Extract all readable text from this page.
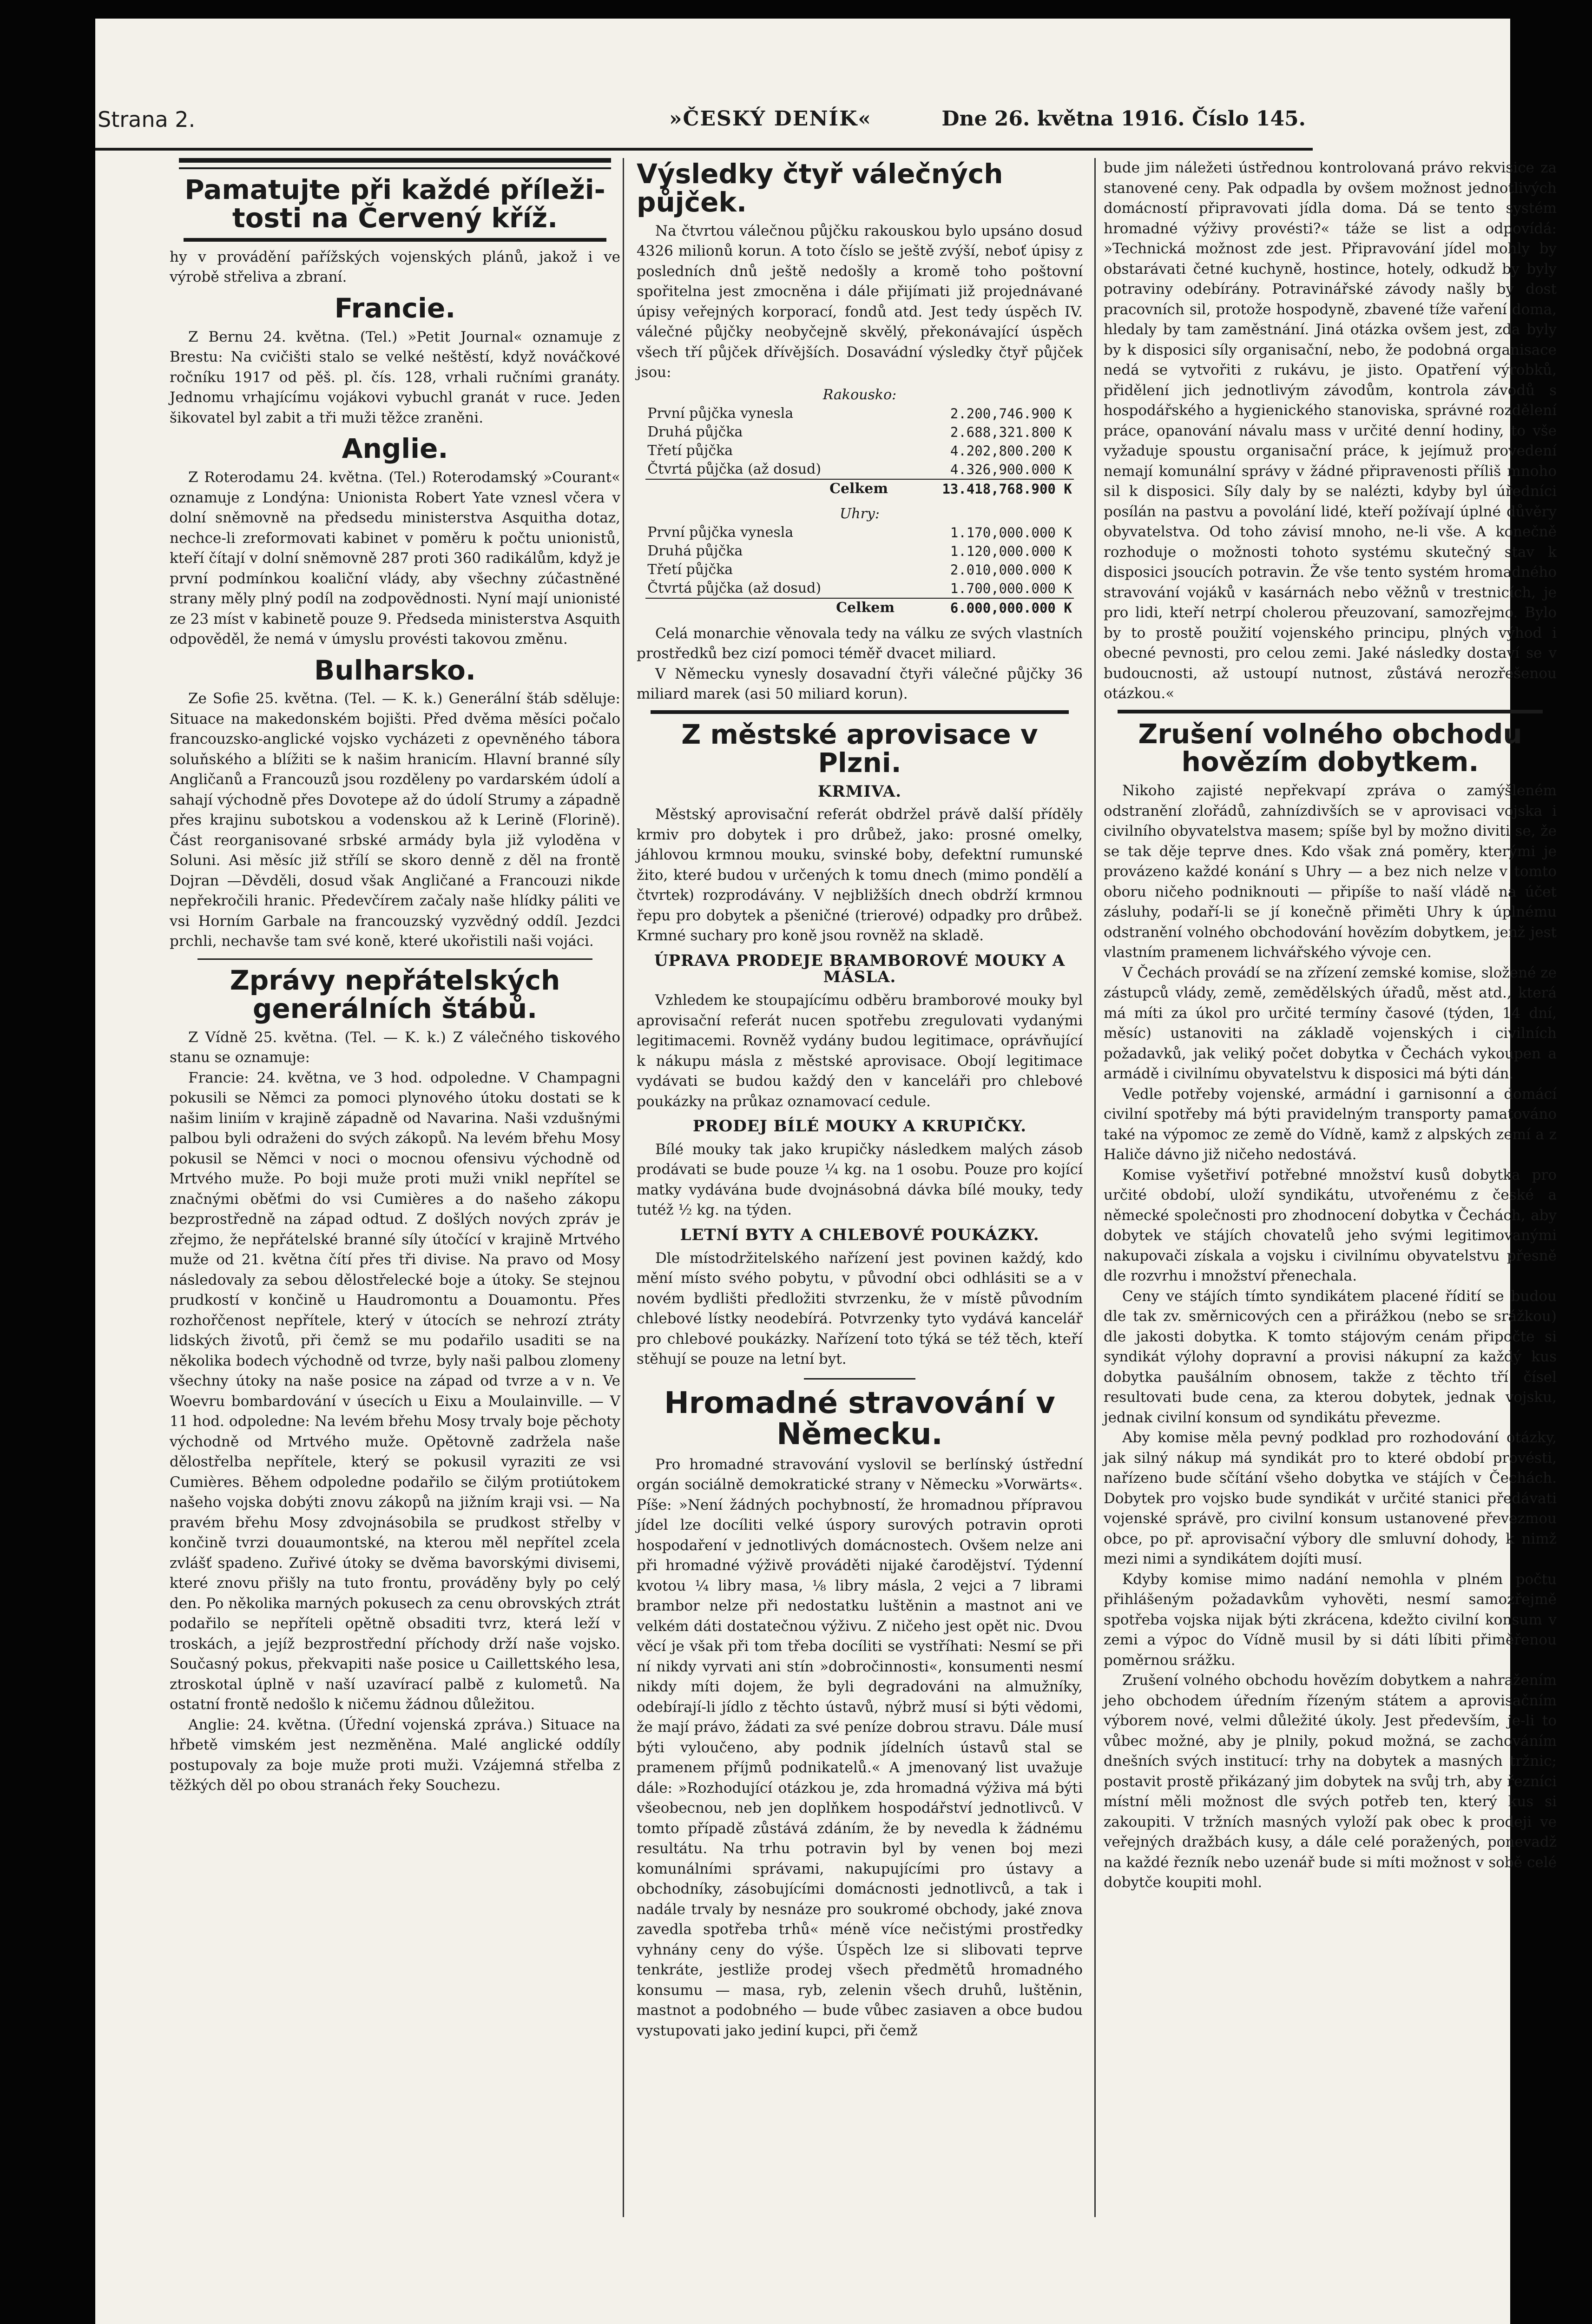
Strana 2.	»ČESKÝ DENÍK«	Dne 26. května 1916. Číslo 145.
Pamatujte při každé příleži-tosti na Červený kříž.

hy v provádění pařížských vojenských plánů, jakož i ve výrobě střeliva a zbraní.

Francie.

Z Bernu 24. května. (Tel.) »Petit Journal« oznamuje z Brestu: Na cvičišti stalo se velké neštěstí, když nováčkové ročníku 1917 od pěš. pl. čís. 128, vrhali ručními granáty. Jednomu vrhajícímu vojákovi vybuchl granát v ruce. Jeden šikovatel byl zabit a tři muži těžce zraněni.

Anglie.

Z Roterodamu 24. května. (Tel.) Roterodamský »Courant« oznamuje z Londýna: Unionista Robert Yate vznesl včera v dolní sněmovně na předsedu ministerstva Asquitha dotaz, nechce-li zreformovati kabinet v poměru k počtu unionistů, kteří čítají v dolní sněmovně 287 proti 360 radikálům, když je první podmínkou koaliční vlády, aby všechny zúčastněné strany měly plný podíl na zodpovědnosti. Nyní mají unionisté ze 23 míst v kabinetě pouze 9. Předseda ministerstva Asquith odpověděl, že nemá v úmyslu provésti takovou změnu.

Bulharsko.

Ze Sofie 25. května. (Tel. — K. k.) Generální štáb sděluje: Situace na makedonském bojišti. Před dvěma měsíci počalo francouzsko-anglické vojsko vycházeti z opevněného tábora soluňského a blížiti se k našim hranicím. Hlavní branné síly Angličanů a Francouzů jsou rozděleny po vardarském údolí a sahají východně přes Dovotepe až do údolí Strumy a západně přes krajinu subotskou a vodenskou až k Lerině (Florině). Část reorganisované srbské armády byla již vyloděna v Soluni. Asi měsíc již střílí se skoro denně z děl na frontě Dojran —Děvděli, dosud však Angličané a Francouzi nikde nepřekročili hranic. Předevčírem začaly naše hlídky páliti ve vsi Horním Garbale na francouzský vyzvědný oddíl. Jezdci prchli, nechavše tam své koně, které ukořistili naši vojáci.

Zprávy nepřátelských generálních štábů.

Z Vídně 25. května. (Tel. — K. k.) Z válečného tiskového stanu se oznamuje:

Francie: 24. května, ve 3 hod. odpoledne. V Champagni pokusili se Němci za pomoci plynového útoku dostati se k našim liniím v krajině západně od Navarina. Naši vzdušnými palbou byli odraženi do svých zákopů. Na levém břehu Mosy pokusil se Němci v noci o mocnou ofensivu východně od Mrtvého muže. Po boji muže proti muži vnikl nepřítel se značnými oběťmi do vsi Cumières a do našeho zákopu bezprostředně na západ odtud. Z došlých nových zpráv je zřejmo, že nepřátelské branné síly útočící v krajině Mrtvého muže od 21. května čítí přes tři divise. Na pravo od Mosy následovaly za sebou dělostřelecké boje a útoky. Se stejnou prudkostí v končině u Haudromontu a Douamontu. Přes rozhořčenost nepřítele, který v útocích se nehrozí ztráty lidských životů, při čemž se mu podařilo usaditi se na několika bodech východně od tvrze, byly naši palbou zlomeny všechny útoky na naše posice na západ od tvrze a v n. Ve Woevru bombardování v úsecích u Eixu a Moulainville. — V 11 hod. odpoledne: Na levém břehu Mosy trvaly boje pěchoty východně od Mrtvého muže. Opětovně zadržela naše dělostřelba nepřítele, který se pokusil vyraziti ze vsi Cumières. Během odpoledne podařilo se čilým protiútokem našeho vojska dobýti znovu zákopů na jižním kraji vsi. — Na pravém břehu Mosy zdvojnásobila se prudkost střelby v končině tvrzi douaumontské, na kterou měl nepřítel zcela zvlášť spadeno. Zuřivé útoky se dvěma bavorskými divisemi, které znovu přišly na tuto frontu, prováděny byly po celý den. Po několika marných pokusech za cenu obrovských ztrát podařilo se nepříteli opětně obsaditi tvrz, která leží v troskách, a jejíž bezprostřední příchody drží naše vojsko. Současný pokus, překvapiti naše posice u Caillettského lesa, ztroskotal úplně v naší uzavírací palbě z kulometů. Na ostatní frontě nedošlo k ničemu žádnou důležitou.

Anglie: 24. května. (Úřední vojenská zpráva.) Situace na hřbetě vimském jest nezměněna. Malé anglické oddíly postupovaly za boje muže proti muži. Vzájemná střelba z těžkých děl po obou stranách řeky Souchezu.

Výsledky čtyř válečných půjček.

Na čtvrtou válečnou půjčku rakouskou bylo upsáno dosud 4326 milionů korun. A toto číslo se ještě zvýší, neboť úpisy z posledních dnů ještě nedošly a kromě toho poštovní spořitelna jest zmocněna i dále přijímati již projednávané úpisy veřejných korporací, fondů atd. Jest tedy úspěch IV. válečné půjčky neobyčejně skvělý, překonávající úspěch všech tří půjček dřívějších. Dosavádní výsledky čtyř půjček jsou:

Rakousko:	
První půjčka vynesla	2.200,746.900 K
Druhá půjčka	2.688,321.800 K
Třetí půjčka	4.202,800.200 K
Čtvrtá půjčka (až dosud)	4.326,900.000 K
Celkem	13.418,768.900 K
Uhry:	
První půjčka vynesla	1.170,000.000 K
Druhá půjčka	1.120,000.000 K
Třetí půjčka	2.010,000.000 K
Čtvrtá půjčka (až dosud)	1.700,000.000 K
Celkem	6.000,000.000 K

Celá monarchie věnovala tedy na válku ze svých vlastních prostředků bez cizí pomoci téměř dvacet miliard.

V Německu vynesly dosavadní čtyři válečné půjčky 36 miliard marek (asi 50 miliard korun).

Z městské aprovisace v Plzni.
KRMIVA.

Městský aprovisační referát obdržel právě další příděly krmiv pro dobytek i pro drůbež, jako: prosné omelky, jáhlovou krmnou mouku, svinské boby, defektní rumunské žito, které budou v určených k tomu dnech (mimo pondělí a čtvrtek) rozprodávány. V nejbližších dnech obdrží krmnou řepu pro dobytek a pšeničné (trierové) odpadky pro drůbež. Krmné suchary pro koně jsou rovněž na skladě.

ÚPRAVA PRODEJE BRAMBOROVÉ MOUKY A MÁSLA.

Vzhledem ke stoupajícímu odběru bramborové mouky byl aprovisační referát nucen spotřebu zregulovati vydanými legitimacemi. Rovněž vydány budou legitimace, oprávňující k nákupu másla z městské aprovisace. Obojí legitimace vydávati se budou každý den v kanceláři pro chlebové poukázky na průkaz oznamovací cedule.

PRODEJ BÍLÉ MOUKY A KRUPIČKY.

Bílé mouky tak jako krupičky následkem malých zásob prodávati se bude pouze ¼ kg. na 1 osobu. Pouze pro kojící matky vydávána bude dvojnásobná dávka bílé mouky, tedy tutéž ½ kg. na týden.

LETNÍ BYTY A CHLEBOVÉ POUKÁZKY.

Dle místodržitelského nařízení jest povinen každý, kdo mění místo svého pobytu, v původní obci odhlásiti se a v novém bydlišti předložiti stvrzenku, že v místě původním chlebové lístky neodebírá. Potvrzenky tyto vydává kancelář pro chlebové poukázky. Nařízení toto týká se též těch, kteří stěhují se pouze na letní byt.

Hromadné stravování v Německu.

Pro hromadné stravování vyslovil se berlínský ústřední orgán sociálně demokratické strany v Německu »Vorwärts«. Píše: »Není žádných pochybností, že hromadnou přípravou jídel lze docíliti velké úspory surových potravin oproti hospodaření v jednotlivých domácnostech. Ovšem nelze ani při hromadné výživě prováděti nijaké čarodějství. Týdenní kvotou ¼ libry masa, ⅛ libry másla, 2 vejci a 7 librami brambor nelze při nedostatku luštěnin a mastnot ani ve velkém dáti dostatečnou výživu. Z ničeho jest opět nic. Dvou věcí je však při tom třeba docíliti se vystříhati: Nesmí se při ní nikdy vyrvati ani stín »dobročinnosti«, konsumenti nesmí nikdy míti dojem, že byli degradováni na almužníky, odebírají-li jídlo z těchto ústavů, nýbrž musí si býti vědomi, že mají právo, žádati za své peníze dobrou stravu. Dále musí býti vyloučeno, aby podnik jídelních ústavů stal se pramenem příjmů podnikatelů.« A jmenovaný list uvažuje dále: »Rozhodující otázkou je, zda hromadná výživa má býti všeobecnou, neb jen doplňkem hospodářství jednotlivců. V tomto případě zůstává zdáním, že by nevedla k žádnému resultátu. Na trhu potravin byl by venen boj mezi komunálními správami, nakupujícími pro ústavy a obchodníky, zásobujícími domácnosti jednotlivců, a tak i nadále trvaly by nesnáze pro soukromé obchody, jaké znova zavedla spotřeba trhů« méně více nečistými prostředky vyhnány ceny do výše. Úspěch lze si slibovati teprve tenkráte, jestliže prodej všech předmětů hromadného konsumu — masa, ryb, zelenin všech druhů, luštěnin, mastnot a podobného — bude vůbec zasiaven a obce budou vystupovati jako jediní kupci, při čemž

bude jim náležeti ústřednou kontrolovaná právo rekvisice za stanovené ceny. Pak odpadla by ovšem možnost jednotlivých domácností připravovati jídla doma. Dá se tento systém hromadné výživy provésti?« táže se list a odpovídá: »Technická možnost zde jest. Připravování jídel mohly by obstarávati četné kuchyně, hostince, hotely, odkudž by byly potraviny odebírány. Potravinářské závody našly by dost pracovních sil, protože hospodyně, zbavené tíže vaření doma, hledaly by tam zaměstnání. Jiná otázka ovšem jest, zda byly by k disposici síly organisační, nebo, že podobná organisace nedá se vytvořiti z rukávu, je jisto. Opatření výrobků, přidělení jich jednotlivým závodům, kontrola závodů s hospodářského a hygienického stanoviska, správné rozdělení práce, opanování návalu mass v určité denní hodiny, to vše vyžaduje spoustu organisační práce, k jejímuž provedení nemají komunální správy v žádné připravenosti příliš mnoho sil k disposici. Síly daly by se nalézti, kdyby byl úředníci posílán na pastvu a povolání lidé, kteří požívají úplné důvěry obyvatelstva. Od toho závisí mnoho, ne-li vše. A konečně rozhoduje o možnosti tohoto systému skutečný stav k disposici jsoucích potravin. Že vše tento systém hromadného stravování vojáků v kasárnách nebo věžnů v trestnicích, je pro lidi, kteří netrpí cholerou přeuzovaní, samozřejmo. Bylo by to prostě použití vojenského principu, plných výhod i obecné pevnosti, pro celou zemi. Jaké následky dostaví se v budoucnosti, až ustoupí nutnost, zůstává nerozřešenou otázkou.«

Zrušení volného obchodu hovězím dobytkem.

Nikoho zajisté nepřekvapí zpráva o zamýšleném odstranění zlořádů, zahnízdivších se v aprovisaci vojska i civilního obyvatelstva masem; spíše byl by možno diviti se, že se tak děje teprve dnes. Kdo však zná poměry, kterými je provázeno každé konání s Uhry — a bez nich nelze v tomto oboru ničeho podniknouti — připíše to naší vládě na účet zásluhy, podaří-li se jí konečně přiměti Uhry k úplnému odstranění volného obchodování hovězím dobytkem, jenž jest vlastním pramenem lichvářského vývoje cen.

V Čechách provádí se na zřízení zemské komise, složené ze zástupců vlády, země, zemědělských úřadů, měst atd., která má míti za úkol pro určité termíny časové (týden, 14 dní, měsíc) ustanoviti na základě vojenských i civilních požadavků, jak veliký počet dobytka v Čechách vykoupen a armádě i civilnímu obyvatelstvu k disposici má býti dán.

Vedle potřeby vojenské, armádní i garnisonní a domácí civilní spotřeby má býti pravidelným transporty pamatováno také na výpomoc ze země do Vídně, kamž z alpských zemí a z Haliče dávno již ničeho nedostává.

Komise vyšetřiví potřebné množství kusů dobytka pro určité období, uloží syndikátu, utvořenému z české a německé společnosti pro zhodnocení dobytka v Čechách, aby dobytek ve stájích chovatelů jeho svými legitimovanými nakupovači získala a vojsku i civilnímu obyvatelstvu přesně dle rozvrhu i množství přenechala.

Ceny ve stájích tímto syndikátem placené řídití se budou dle tak zv. směrnicových cen a přirážkou (nebo se srážkou) dle jakosti dobytka. K tomto stájovým cenám připočte si syndikát výlohy dopravní a provisi nákupní za každý kus dobytka paušálním obnosem, takže z těchto tří čísel resultovati bude cena, za kterou dobytek, jednak vojsku, jednak civilní konsum od syndikátu převezme.

Aby komise měla pevný podklad pro rozhodování otázky, jak silný nákup má syndikát pro to které období provésti, nařízeno bude sčítání všeho dobytka ve stájích v Čechách. Dobytek pro vojsko bude syndikát v určité stanici předávati vojenské správě, pro civilní konsum ustanovené převezmou obce, po př. aprovisační výbory dle smluvní dohody, k nimž mezi nimi a syndikátem dojíti musí.

Kdyby komise mimo nadání nemohla v plném počtu přihlášeným požadavkům vyhověti, nesmí samozřejmě spotřeba vojska nijak býti zkrácena, kdežto civilní konsum v zemi a výpoc do Vídně musil by si dáti líbiti přiměřenou poměrnou srážku.

Zrušení volného obchodu hovězím dobytkem a nahražením jeho obchodem úředním řízeným státem a aprovisačním výborem nové, velmi důležité úkoly. Jest především, je-li to vůbec možné, aby je plnily, pokud možná, se zachováním dnešních svých institucí: trhy na dobytek a masných tržnic; postavit prostě přikázaný jim dobytek na svůj trh, aby řezníci místní měli možnost dle svých potřeb ten, který kus si zakoupiti. V tržních masných vyloží pak obec k prodeji ve veřejných dražbách kusy, a dále celé poražených, ponevadž na každé řezník nebo uzenář bude si míti možnost v sobě celé dobytče koupiti mohl.
